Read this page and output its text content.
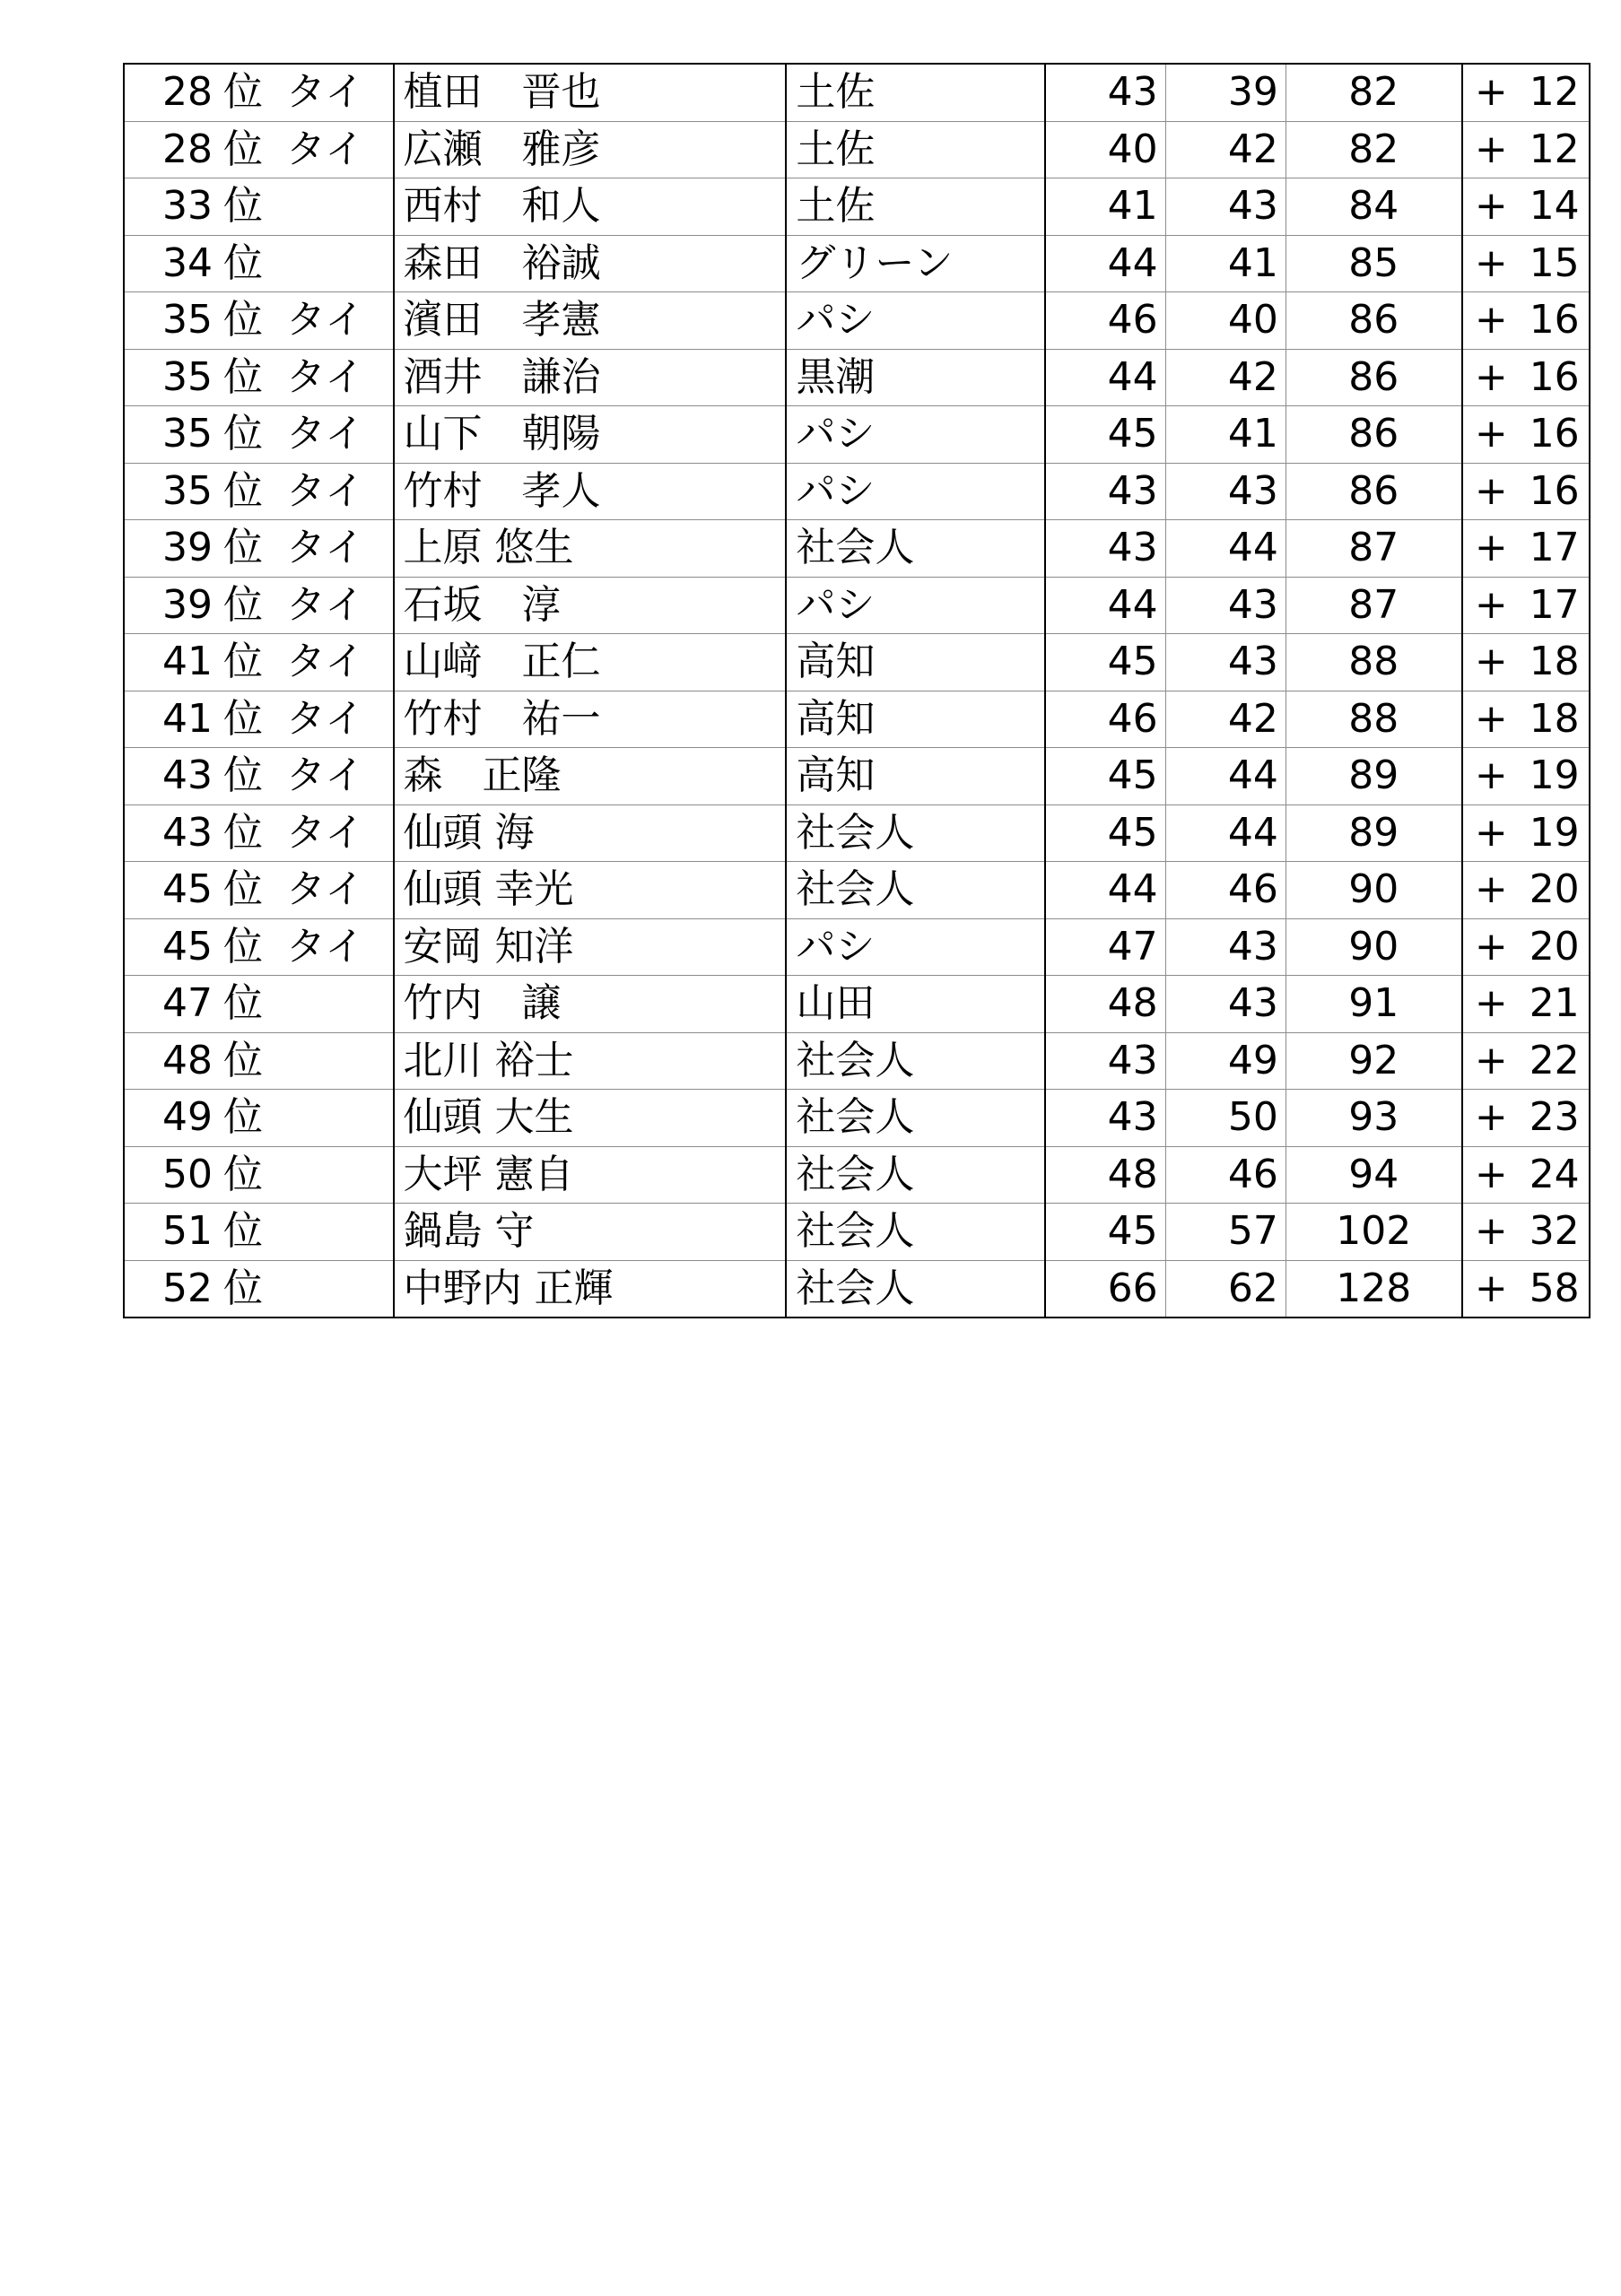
28 位 タイ	植田　晋也	土佐	43	39	82	+ 12

28 位 タイ	広瀬　雅彦	土佐	40	42	82	+ 12

33 位	西村　和人	土佐	41	43	84	+ 14

34 位	森田　裕誠	グリーン	44	41	85	+ 15

35 位 タイ	濱田　孝憲	パシ	46	40	86	+ 16

35 位 タイ	酒井　謙治	黒潮	44	42	86	+ 16

35 位 タイ	山下　朝陽	パシ	45	41	86	+ 16

35 位 タイ	竹村　孝人	パシ	43	43	86	+ 16

39 位 タイ	上原 悠生	社会人	43	44	87	+ 17

39 位 タイ	石坂　淳	パシ	44	43	87	+ 17

41 位 タイ	山﨑　正仁	高知	45	43	88	+ 18

41 位 タイ	竹村　祐一	高知	46	42	88	+ 18

43 位 タイ	森　正隆	高知	45	44	89	+ 19

43 位 タイ	仙頭 海	社会人	45	44	89	+ 19

45 位 タイ	仙頭 幸光	社会人	44	46	90	+ 20

45 位 タイ	安岡 知洋	パシ	47	43	90	+ 20

47 位	竹内　譲	山田	48	43	91	+ 21

48 位	北川 裕士	社会人	43	49	92	+ 22

49 位	仙頭 大生	社会人	43	50	93	+ 23

50 位	大坪 憲自	社会人	48	46	94	+ 24

51 位	鍋島 守	社会人	45	57	102	+ 32

52 位	中野内 正輝	社会人	66	62	128	+ 58
